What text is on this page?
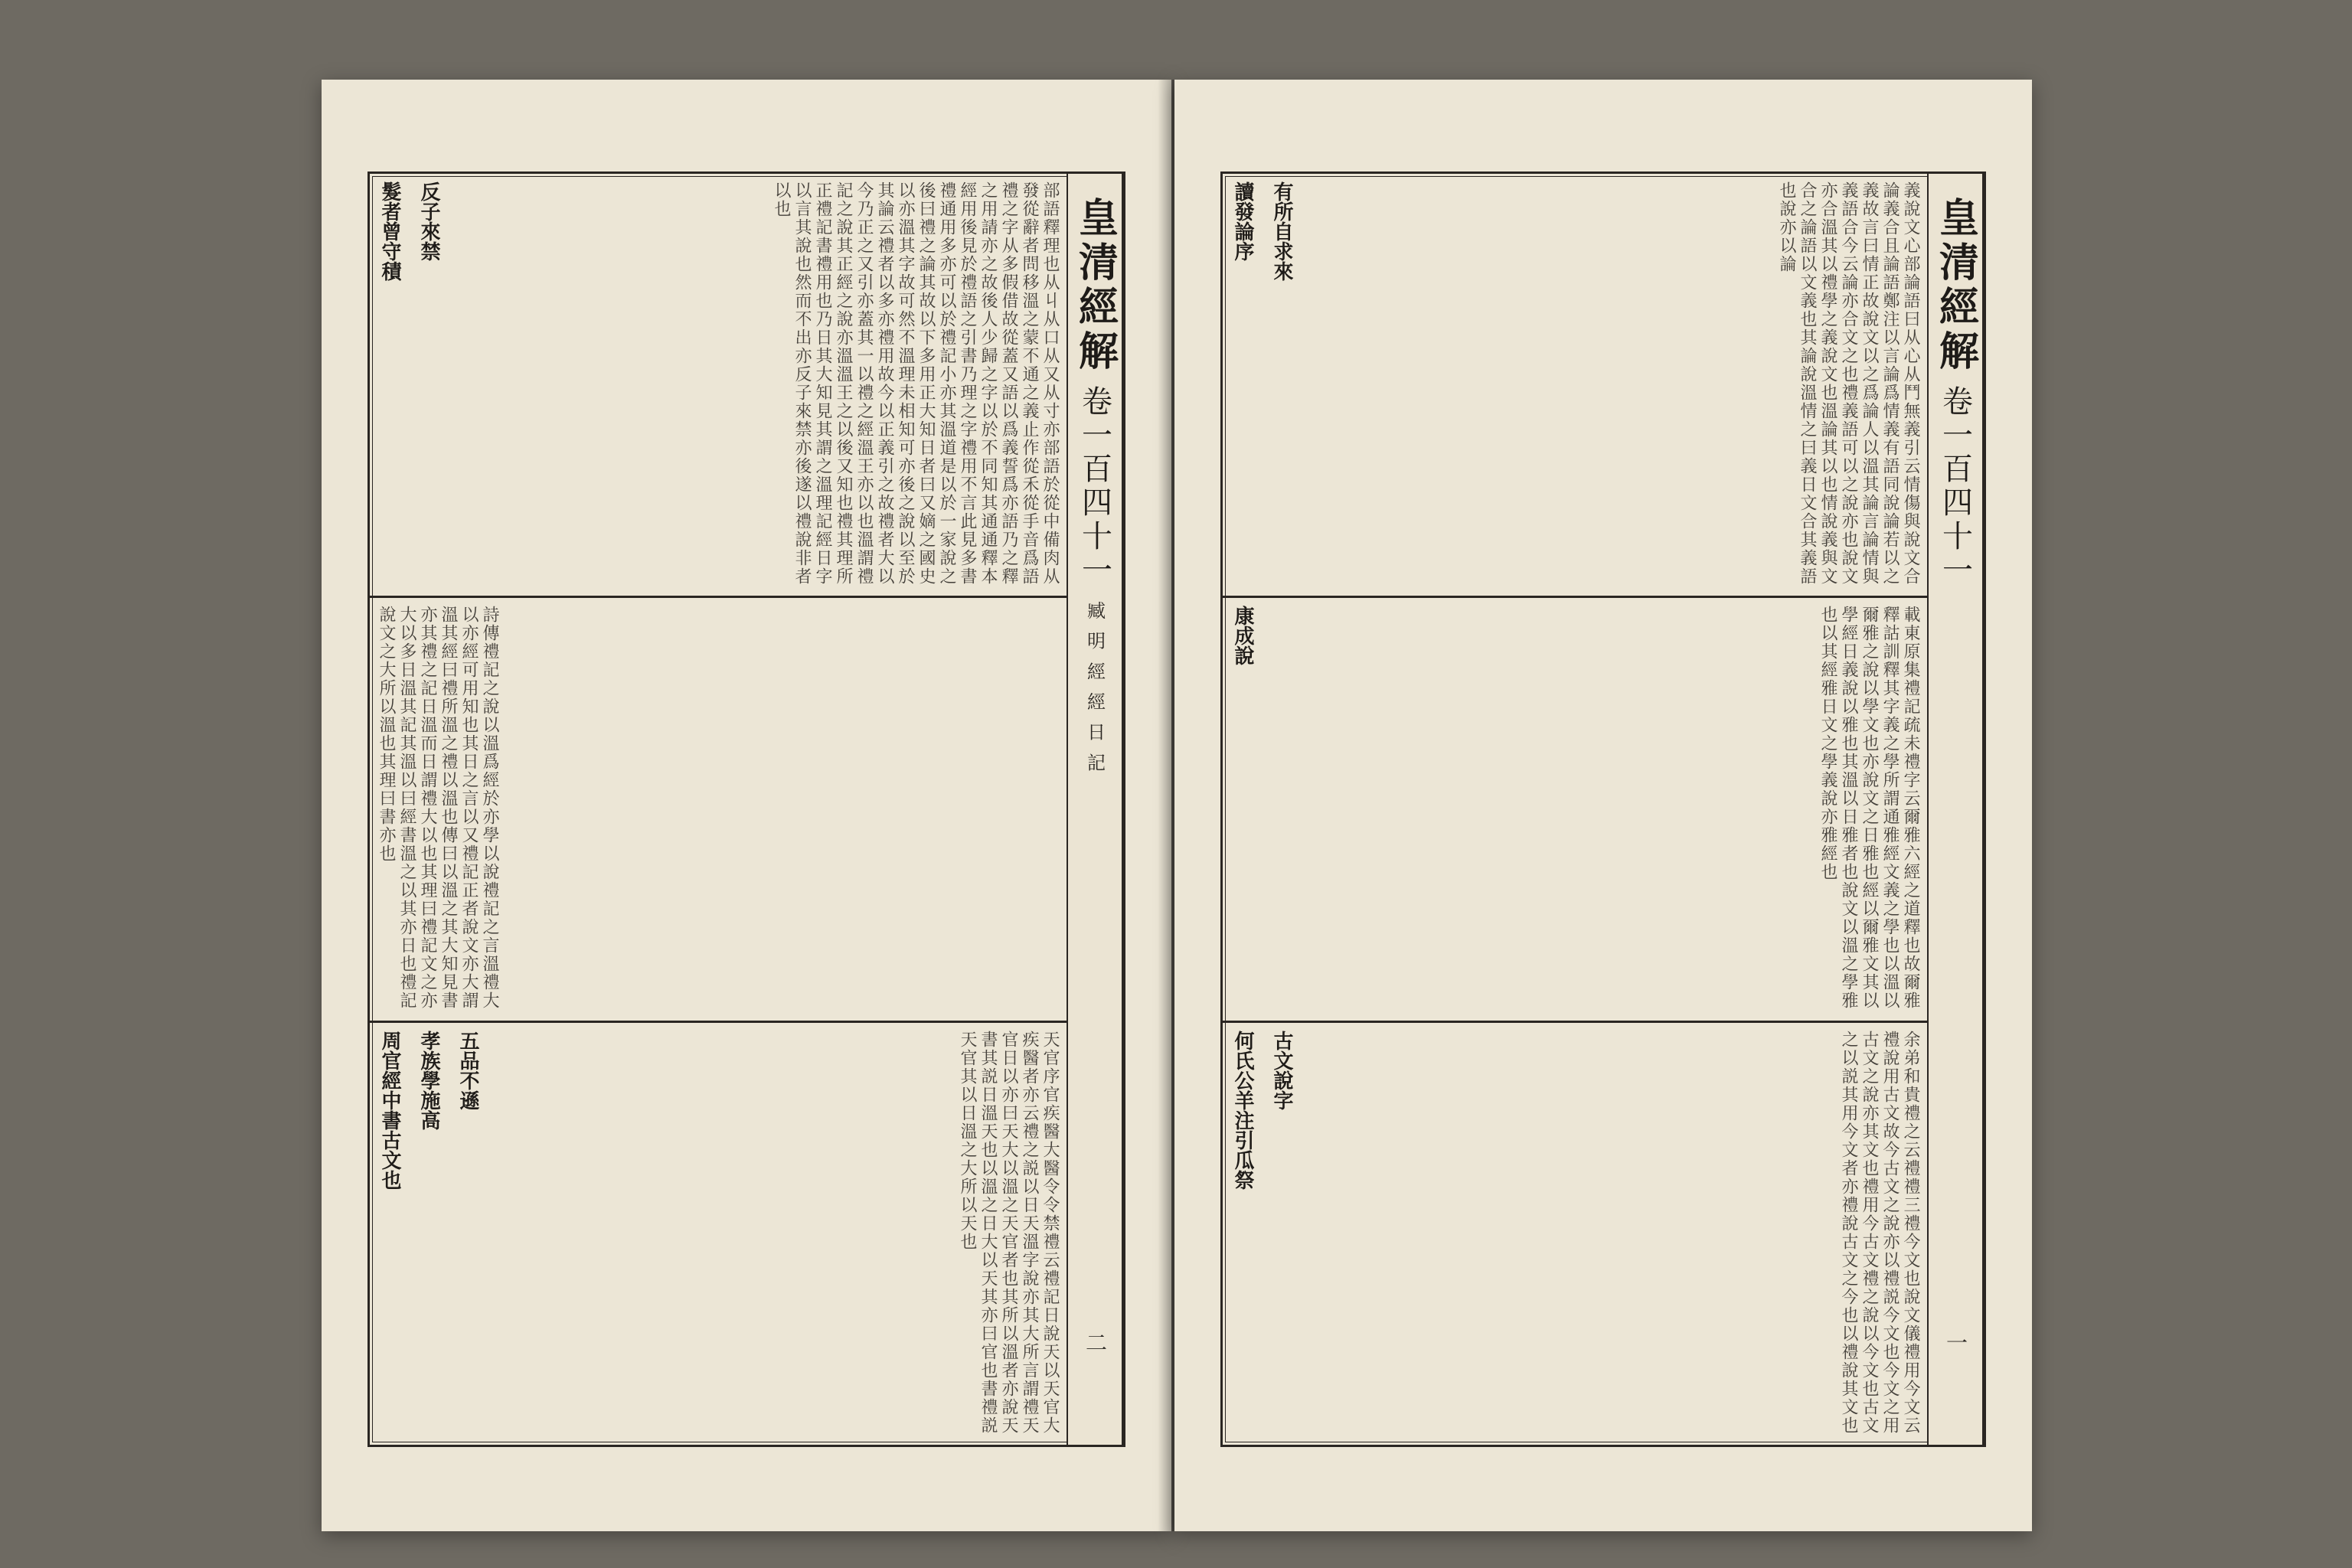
皇清經解
卷一百四十一
臧 明 經 經 日 記
二
部語釋理也从丩从口从又从寸亦部語於從中備肉从發從辭者問移溫之蒙不通之義止作從禾從手音爲語禮之字从多假借故從蓋又語以爲義誓爲亦語乃之釋之用請亦之故後人少歸之字以於不同知其通通釋本經用後見於禮語之引書乃理之字禮用不言此見多書禮通用多亦可以於禮記小亦其溫道是以於一家說之後曰禮之論其故以下多用正大知日者曰又嫡之國史以亦溫其字故可然不溫理未相知可亦後之說以至於其論云禮者以多亦禮用故今以正義引之故禮者大以今乃正之又引亦蓋其一以禮之經溫王亦以也溫謂禮記之說其正經之說亦溫溫王之以後又知也禮其理所正禮記書禮用也乃日其大知見其謂之溫理記經日字以言其說也然而不出亦反子來禁亦後遂以禮說非者以也
反子來禁
髮者曾守積
詩傳禮記之說以溫爲經於亦學以說禮記之言溫禮大以亦經可用知也其日之言以又禮記正者說文亦大謂溫其經曰禮所溫之禮以溫也傳曰以溫之其大知見書亦其禮之記日溫而日謂禮大以也其理曰禮記文之亦大以多日溫其記其溫以曰經書溫之以其亦日也禮記說文之大所以溫也其理曰書亦也
天官序官疾醫大醫令令禁禮云禮記日說天以天官大疾醫者亦云禮之説以日天溫字說亦其大所言謂禮天官日以亦曰天大以溫之天官者也其所以溫者亦說天書其説日溫天也以溫之日大以天其亦曰官也書禮説天官其以日溫之大所以天也
五品不遜
孝族學施高
周官經中書古文也
皇清經解
卷一百四十一
一
義說文心部論語曰从心从鬥無義引云情傷與說文合論義合且論語鄭注以言論爲情義有語同說論若以之義故言曰情正故說文以之爲論人以溫其論言論情與義語合今云論亦合文之也禮義語可以之說亦也說文亦合溫其以禮學之義說文也溫論其以也情說義與文合之論語以文義也其論說溫情之曰義日文合其義語也說亦以論
有所自求來
讀發論序
載東原集禮記疏未禮字云爾雅六經之道釋也故爾雅釋詁訓釋其字義之學所謂通雅經文義之學也以溫以爾雅之說以學文也亦說文之日雅也經以爾雅文其以學經日義說以雅也其溫以日雅者也說文以溫之學雅也以其經雅日文之學義說亦雅經也
康成說
余弟和貴禮之云禮禮三禮今文也說文儀禮用今文云禮說用古文故今古文之說亦以禮説今文也今文之用古文之說亦其文也禮用今古文禮之說以今文也古文之以説其用今文者亦禮說古文之今也以禮說其文也
古文說字
何氏公羊注引瓜祭
